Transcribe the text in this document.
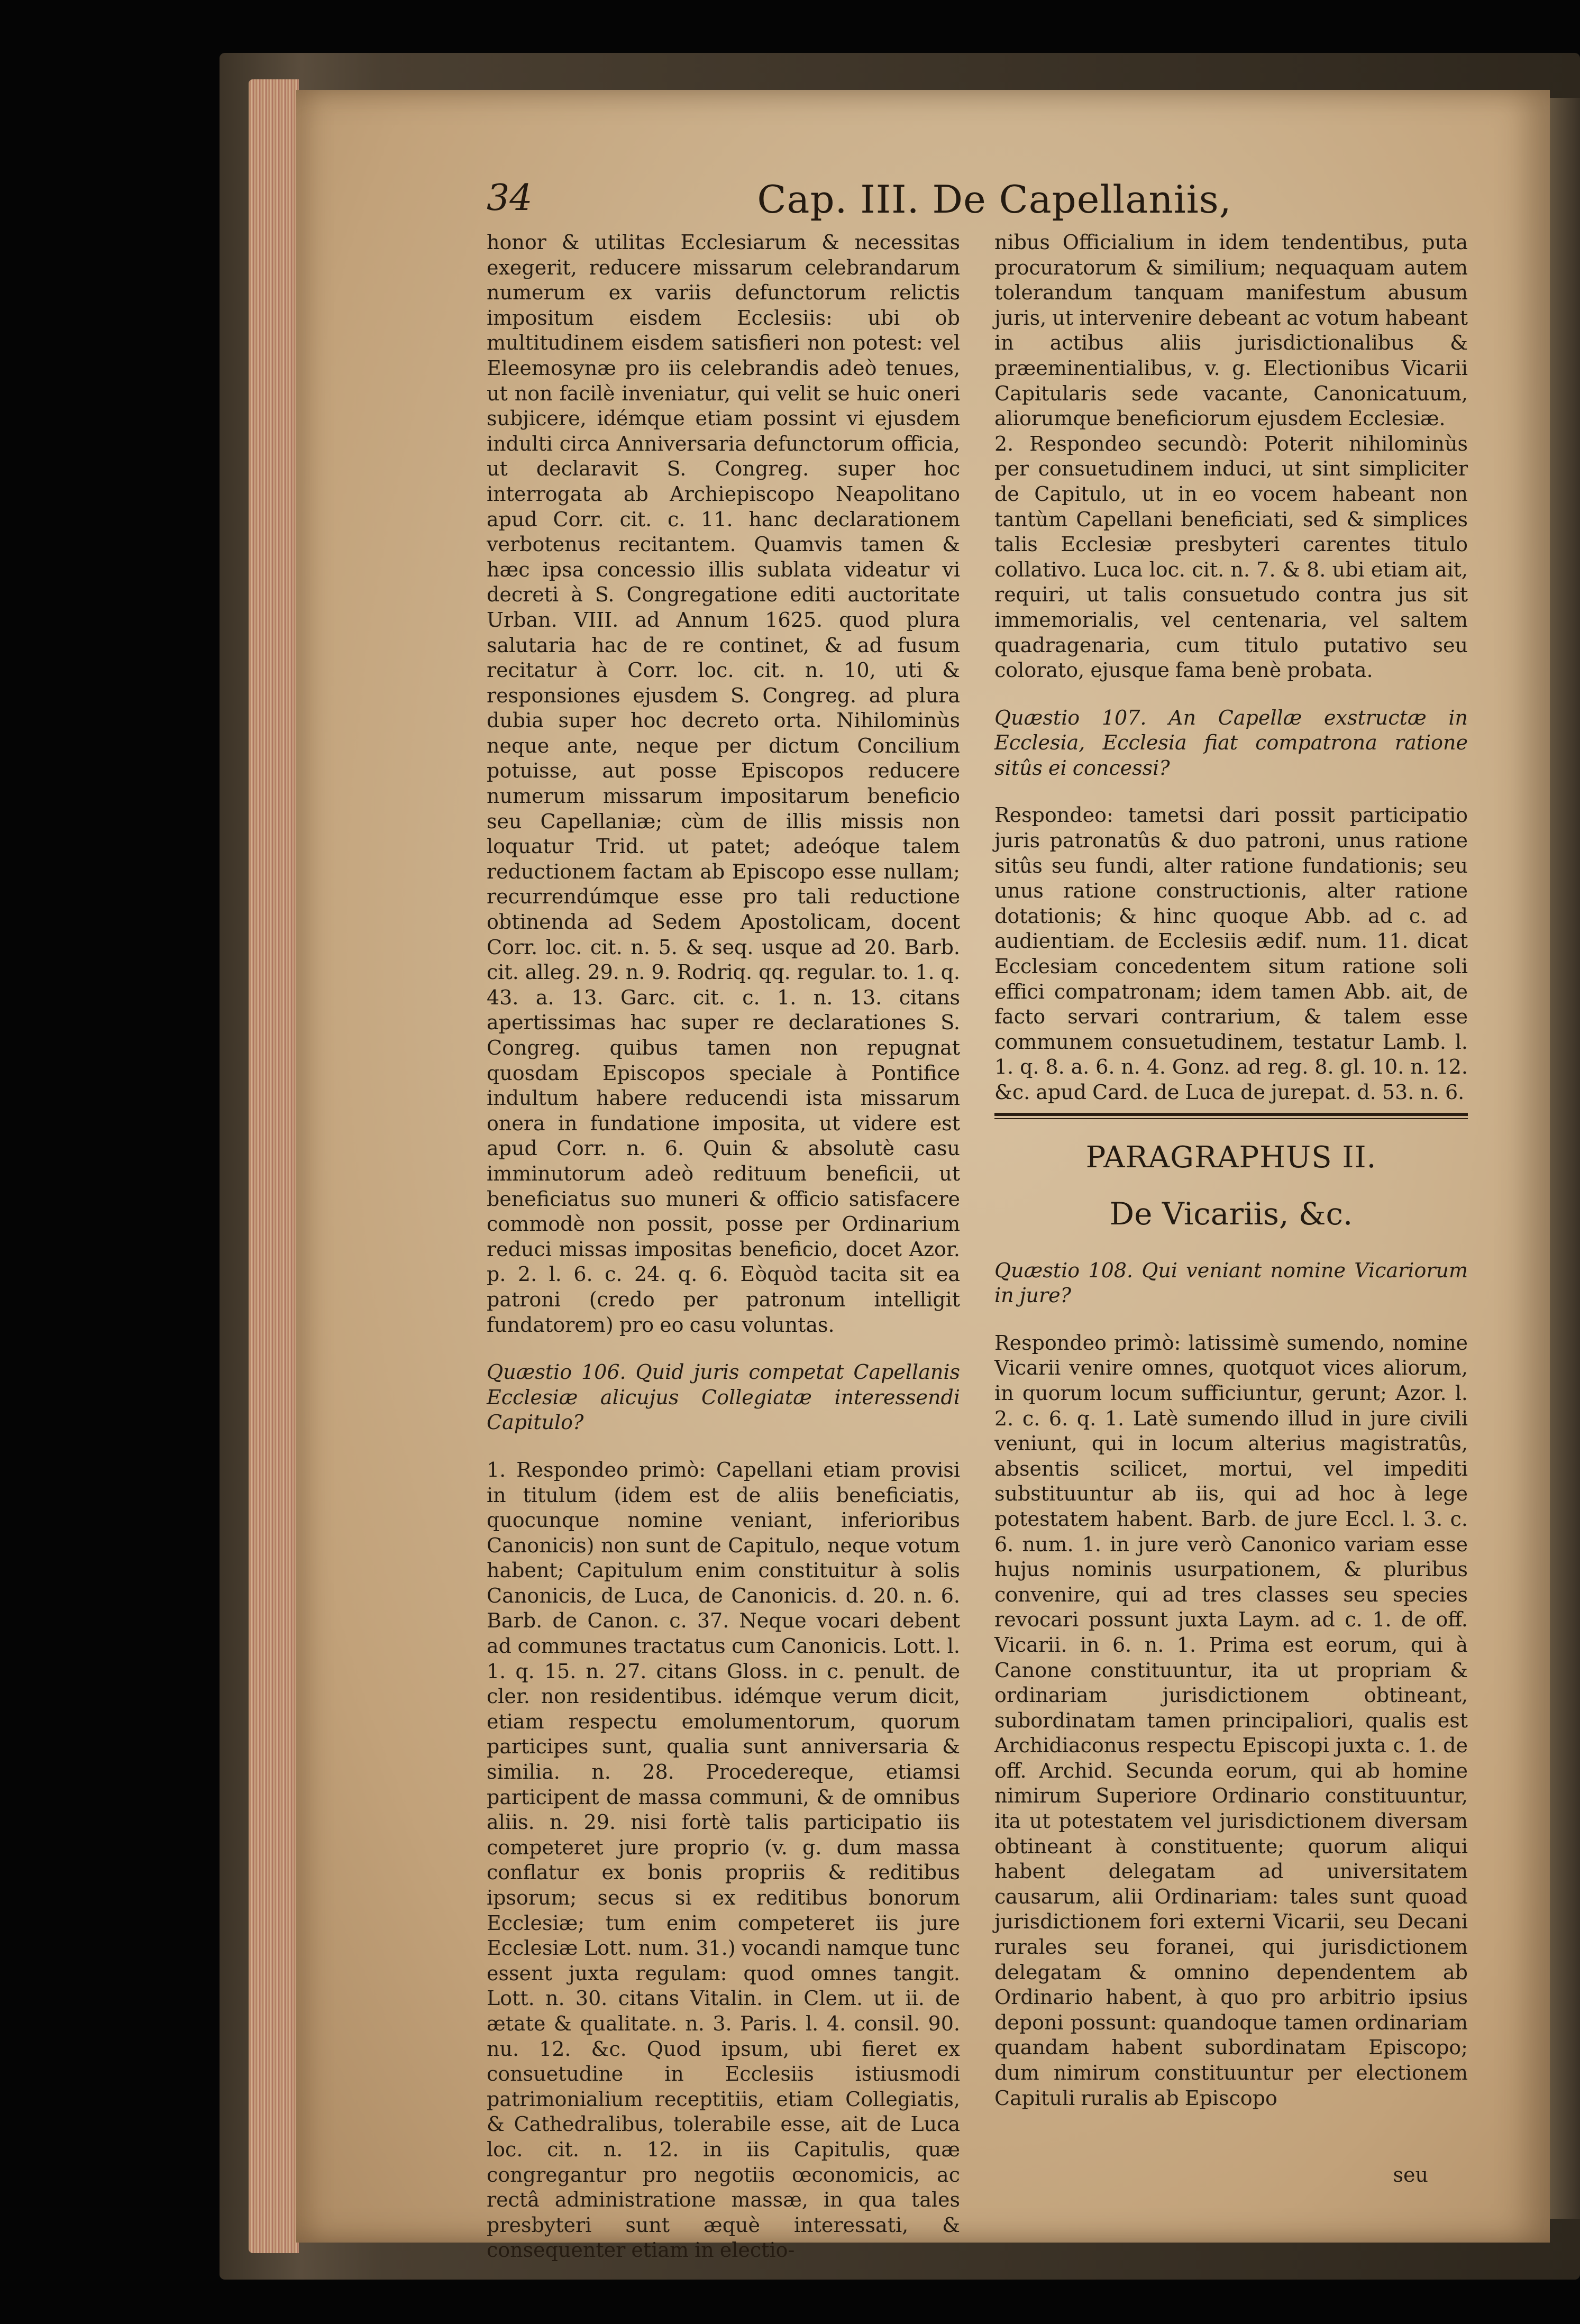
34	Cap. III. De Capellaniis,

honor & utilitas Ecclesiarum & necessitas exegerit, reducere missarum celebrandarum numerum ex variis defunctorum relictis impositum eisdem Ecclesiis: ubi ob multitudinem eisdem satisfieri non potest: vel Eleemosynæ pro iis celebrandis adeò tenues, ut non facilè inveniatur, qui velit se huic oneri subjicere, idémque etiam possint vi ejusdem indulti circa Anniversaria defunctorum officia, ut declaravit S. Congreg. super hoc interrogata ab Archiepiscopo Neapolitano apud Corr. cit. c. 11. hanc declarationem verbotenus recitantem. Quamvis tamen & hæc ipsa concessio illis sublata videatur vi decreti à S. Congregatione editi auctoritate Urban. VIII. ad Annum 1625. quod plura salutaria hac de re continet, & ad fusum recitatur à Corr. loc. cit. n. 10, uti & responsiones ejusdem S. Congreg. ad plura dubia super hoc decreto orta. Nihilominùs neque ante, neque per dictum Concilium potuisse, aut posse Episcopos reducere numerum missarum impositarum beneficio seu Capellaniæ; cùm de illis missis non loquatur Trid. ut patet; adeóque talem reductionem factam ab Episcopo esse nullam; recurrendúmque esse pro tali reductione obtinenda ad Sedem Apostolicam, docent Corr. loc. cit. n. 5. & seq. usque ad 20. Barb. cit. alleg. 29. n. 9. Rodriq. qq. regular. to. 1. q. 43. a. 13. Garc. cit. c. 1. n. 13. citans apertissimas hac super re declarationes S. Congreg. quibus tamen non repugnat quosdam Episcopos speciale à Pontifice indultum habere reducendi ista missarum onera in fundatione imposita, ut videre est apud Corr. n. 6. Quin & absolutè casu imminutorum adeò redituum beneficii, ut beneficiatus suo muneri & officio satisfacere commodè non possit, posse per Ordinarium reduci missas impositas beneficio, docet Azor. p. 2. l. 6. c. 24. q. 6. Eòquòd tacita sit ea patroni (credo per patronum intelligit fundatorem) pro eo casu voluntas.

Quæstio 106. Quid juris competat Capellanis Ecclesiæ alicujus Collegiatæ interessendi Capitulo?

1. Respondeo primò: Capellani etiam provisi in titulum (idem est de aliis beneficiatis, quocunque nomine veniant, inferioribus Canonicis) non sunt de Capitulo, neque votum habent; Capitulum enim constituitur à solis Canonicis, de Luca, de Canonicis. d. 20. n. 6. Barb. de Canon. c. 37. Neque vocari debent ad communes tractatus cum Canonicis. Lott. l. 1. q. 15. n. 27. citans Gloss. in c. penult. de cler. non residentibus. idémque verum dicit, etiam respectu emolumentorum, quorum participes sunt, qualia sunt anniversaria & similia. n. 28. Procedereque, etiamsi participent de massa communi, & de omnibus aliis. n. 29. nisi fortè talis participatio iis competeret jure proprio (v. g. dum massa conflatur ex bonis propriis & reditibus ipsorum; secus si ex reditibus bonorum Ecclesiæ; tum enim competeret iis jure Ecclesiæ Lott. num. 31.) vocandi namque tunc essent juxta regulam: quod omnes tangit. Lott. n. 30. citans Vitalin. in Clem. ut ii. de ætate & qualitate. n. 3. Paris. l. 4. consil. 90. nu. 12. &c. Quod ipsum, ubi fieret ex consuetudine in Ecclesiis istiusmodi patrimonialium receptitiis, etiam Collegiatis, & Cathedralibus, tolerabile esse, ait de Luca loc. cit. n. 12. in iis Capitulis, quæ congregantur pro negotiis œconomicis, ac rectâ administratione massæ, in qua tales presbyteri sunt æquè interessati, & consequenter etiam in electio-

nibus Officialium in idem tendentibus, puta procuratorum & similium; nequaquam autem tolerandum tanquam manifestum abusum juris, ut intervenire debeant ac votum habeant in actibus aliis jurisdictionalibus & præeminentialibus, v. g. Electionibus Vicarii Capitularis sede vacante, Canonicatuum, aliorumque beneficiorum ejusdem Ecclesiæ.

2. Respondeo secundò: Poterit nihilominùs per consuetudinem induci, ut sint simpliciter de Capitulo, ut in eo vocem habeant non tantùm Capellani beneficiati, sed & simplices talis Ecclesiæ presbyteri carentes titulo collativo. Luca loc. cit. n. 7. & 8. ubi etiam ait, requiri, ut talis consuetudo contra jus sit immemorialis, vel centenaria, vel saltem quadragenaria, cum titulo putativo seu colorato, ejusque fama benè probata.

Quæstio 107. An Capellæ exstructæ in Ecclesia, Ecclesia fiat compatrona ratione sitûs ei concessi?

Respondeo: tametsi dari possit participatio juris patronatûs & duo patroni, unus ratione sitûs seu fundi, alter ratione fundationis; seu unus ratione constructionis, alter ratione dotationis; & hinc quoque Abb. ad c. ad audientiam. de Ecclesiis ædif. num. 11. dicat Ecclesiam concedentem situm ratione soli effici compatronam; idem tamen Abb. ait, de facto servari contrarium, & talem esse communem consuetudinem, testatur Lamb. l. 1. q. 8. a. 6. n. 4. Gonz. ad reg. 8. gl. 10. n. 12. &c. apud Card. de Luca de jurepat. d. 53. n. 6.

PARAGRAPHUS II.
De Vicariis, &c.

Quæstio 108. Qui veniant nomine Vicariorum in jure?

Respondeo primò: latissimè sumendo, nomine Vicarii venire omnes, quotquot vices aliorum, in quorum locum sufficiuntur, gerunt; Azor. l. 2. c. 6. q. 1. Latè sumendo illud in jure civili veniunt, qui in locum alterius magistratûs, absentis scilicet, mortui, vel impediti substituuntur ab iis, qui ad hoc à lege potestatem habent. Barb. de jure Eccl. l. 3. c. 6. num. 1. in jure verò Canonico variam esse hujus nominis usurpationem, & pluribus convenire, qui ad tres classes seu species revocari possunt juxta Laym. ad c. 1. de off. Vicarii. in 6. n. 1. Prima est eorum, qui à Canone constituuntur, ita ut propriam & ordinariam jurisdictionem obtineant, subordinatam tamen principaliori, qualis est Archidiaconus respectu Episcopi juxta c. 1. de off. Archid. Secunda eorum, qui ab homine nimirum Superiore Ordinario constituuntur, ita ut potestatem vel jurisdictionem diversam obtineant à constituente; quorum aliqui habent delegatam ad universitatem causarum, alii Ordinariam: tales sunt quoad jurisdictionem fori externi Vicarii, seu Decani rurales seu foranei, qui jurisdictionem delegatam & omnino dependentem ab Ordinario habent, à quo pro arbitrio ipsius deponi possunt: quandoque tamen ordinariam quandam habent subordinatam Episcopo; dum nimirum constituuntur per electionem Capituli ruralis ab Episcopo

seu
